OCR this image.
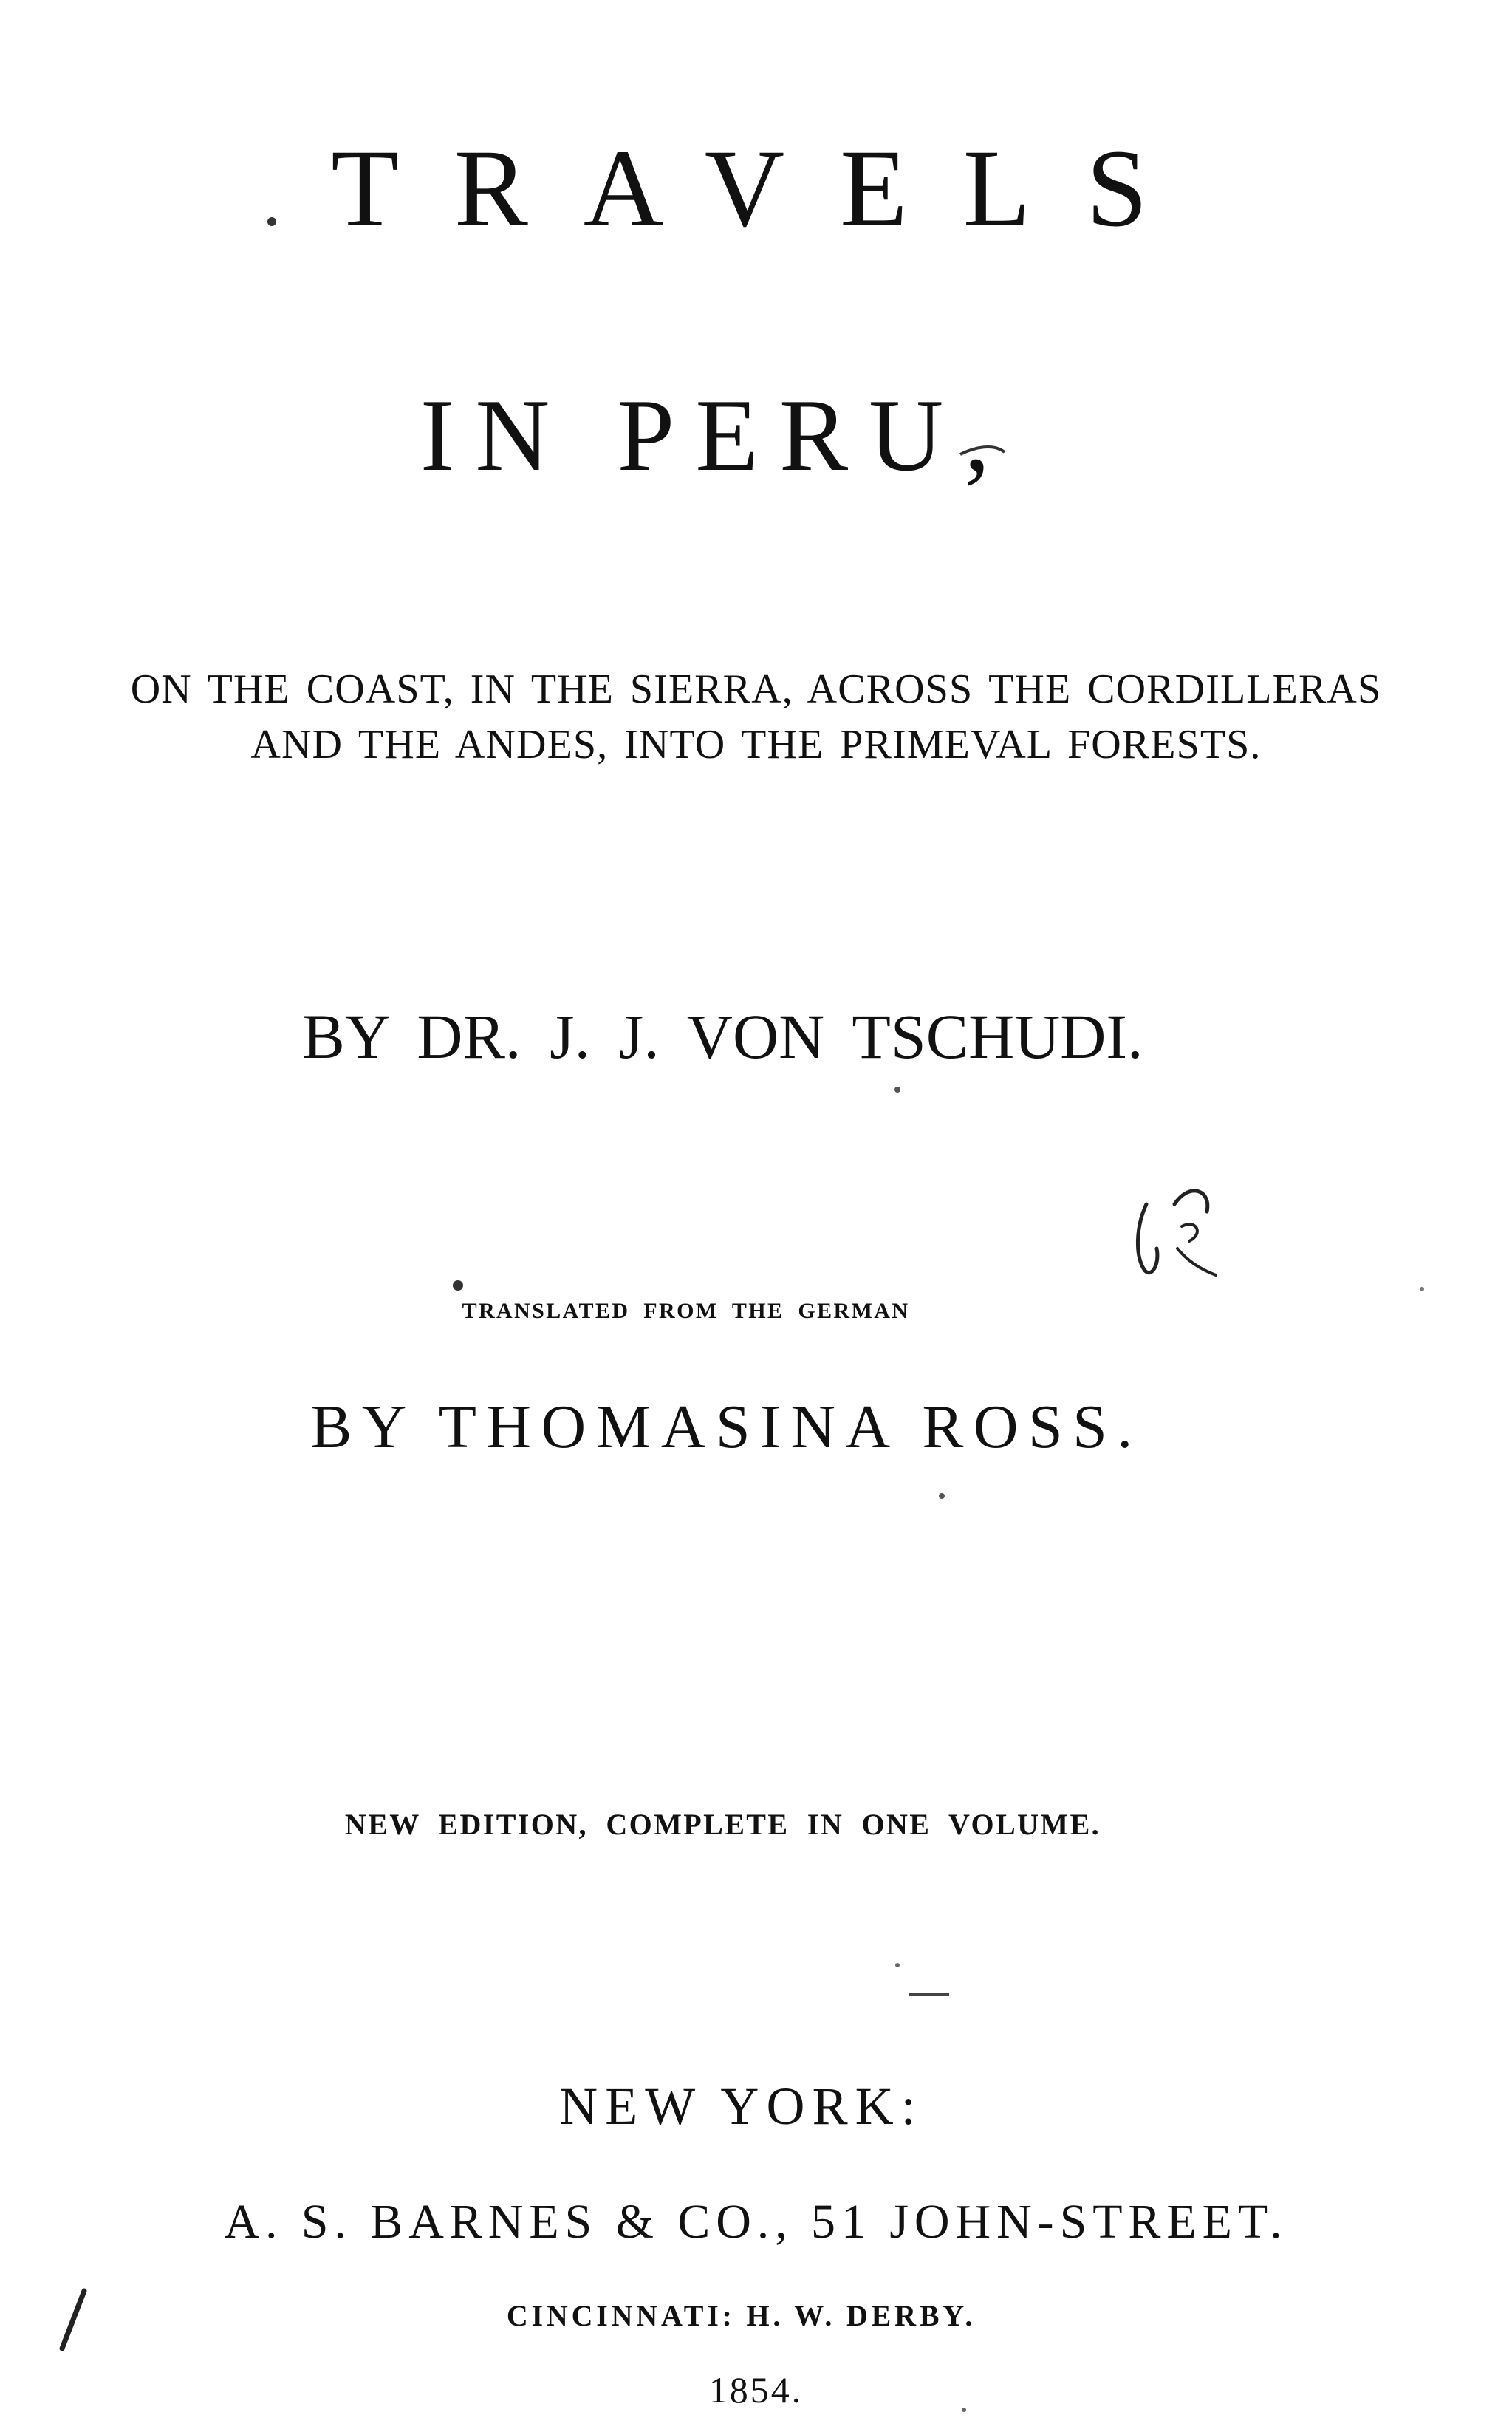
TRAVELS
IN PERU,

ON THE COAST, IN THE SIERRA, ACROSS THE CORDILLERAS

AND THE ANDES, INTO THE PRIMEVAL FORESTS.

BY DR. J. J. VON TSCHUDI.

TRANSLATED FROM THE GERMAN

BY THOMASINA ROSS.

NEW EDITION, COMPLETE IN ONE VOLUME.

NEW YORK:

A. S. BARNES & CO., 51 JOHN-STREET.

CINCINNATI: H. W. DERBY.

1854.
